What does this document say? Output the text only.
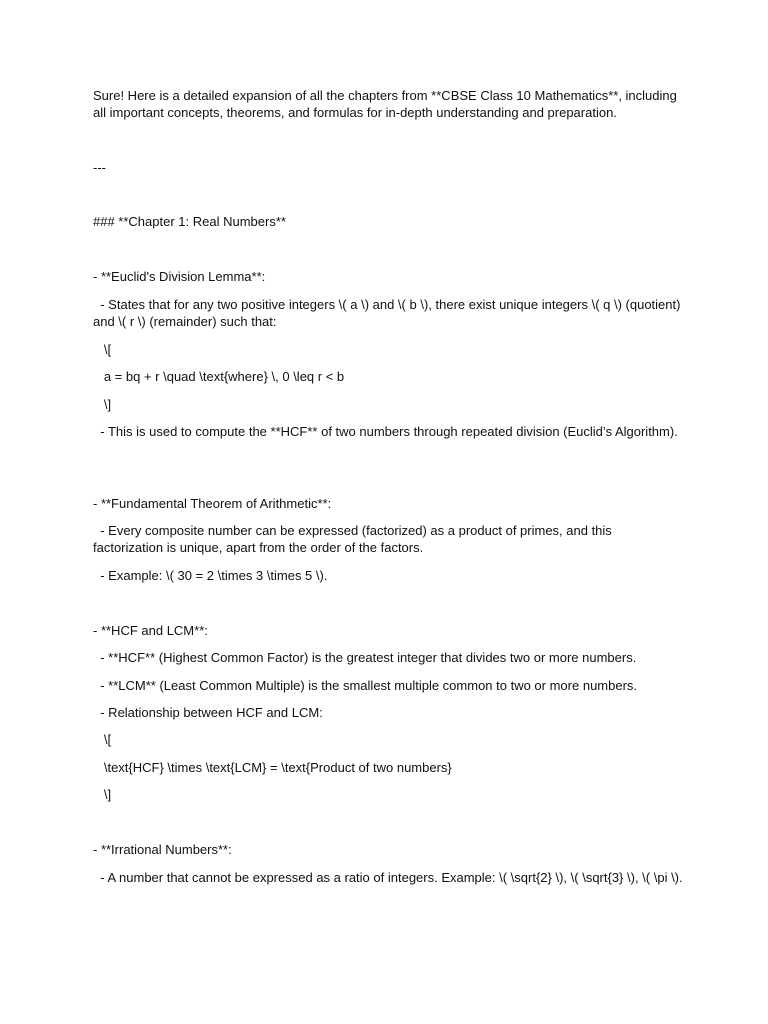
Sure! Here is a detailed expansion of all the chapters from **CBSE Class 10 Mathematics**, including all important concepts, theorems, and formulas for in-depth understanding and preparation.
---
### **Chapter 1: Real Numbers**
- **Euclid's Division Lemma**:
- States that for any two positive integers \( a \) and \( b \), there exist unique integers \( q \) (quotient) and \( r \) (remainder) such that:
\[
a = bq + r \quad \text{where} \, 0 \leq r < b
\]
- This is used to compute the **HCF** of two numbers through repeated division (Euclid’s Algorithm).
- **Fundamental Theorem of Arithmetic**:
- Every composite number can be expressed (factorized) as a product of primes, and this factorization is unique, apart from the order of the factors.
- Example: \( 30 = 2 \times 3 \times 5 \).
- **HCF and LCM**:
- **HCF** (Highest Common Factor) is the greatest integer that divides two or more numbers.
- **LCM** (Least Common Multiple) is the smallest multiple common to two or more numbers.
- Relationship between HCF and LCM:
\[
\text{HCF} \times \text{LCM} = \text{Product of two numbers}
\]
- **Irrational Numbers**:
- A number that cannot be expressed as a ratio of integers. Example: \( \sqrt{2} \), \( \sqrt{3} \), \( \pi \).
